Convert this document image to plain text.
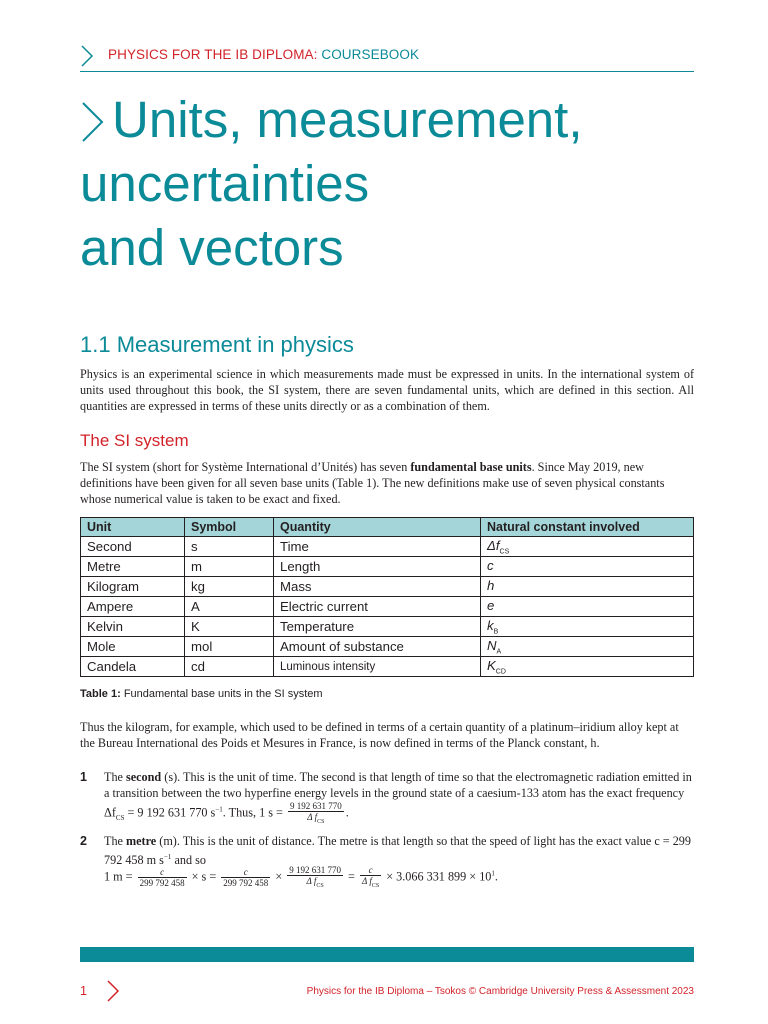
PHYSICS FOR THE IB DIPLOMA: COURSEBOOK
Units, measurement,
uncertainties
and vectors
1.1 Measurement in physics
Physics is an experimental science in which measurements made must be expressed in units. In the international system of units used throughout this book, the SI system, there are seven fundamental units, which are defined in this section. All quantities are expressed in terms of these units directly or as a combination of them.
The SI system
The SI system (short for Système International d’Unités) has seven fundamental base units. Since May 2019, new definitions have been given for all seven base units (Table 1). The new definitions make use of seven physical constants whose numerical value is taken to be exact and fixed.
Unit	Symbol	Quantity	Natural constant involved
Second	s	Time	$\Delta f_{CS}$
Metre	m	Length	c
Kilogram	kg	Mass	h
Ampere	A	Electric current	e
Kelvin	K	Temperature	$k_B$
Mole	mol	Amount of substance	$N_A$
Candela	cd	Luminous intensity	$K_{CD}$
Table 1: Fundamental base units in the SI system
Thus the kilogram, for example, which used to be defined in terms of a certain quantity of a platinum–iridium alloy kept at the Bureau International des Poids et Mesures in France, is now defined in terms of the Planck constant, h.
1 The second (s). This is the unit of time. The second is that length of time so that the electromagnetic radiation emitted in a transition between the two hyperfine energy levels in the ground state of a caesium-133 atom has the exact frequency $\Delta f_{CS} = 9$ 192 631 770 $s^{-1}$. Thus, 1 $s = \frac{9 192 631 770}{\Delta f_{CS}}$ .
2 The metre (m). This is the unit of distance. The metre is that length so that the speed of light has the exact value c = 299 792 458 m $s^{-1}$ and so
1 $m = \frac{c}{299 792 458} \times s = \frac{c}{299 792 458} \times \frac{9 192 631 770}{\Delta f_{CS}} = \frac{c}{\Delta f_{CS}} \times 3.066$ 331 $899 \times 10^1$.
1	Physics for the IB Diploma – Tsokos © Cambridge University Press & Assessment 2023
